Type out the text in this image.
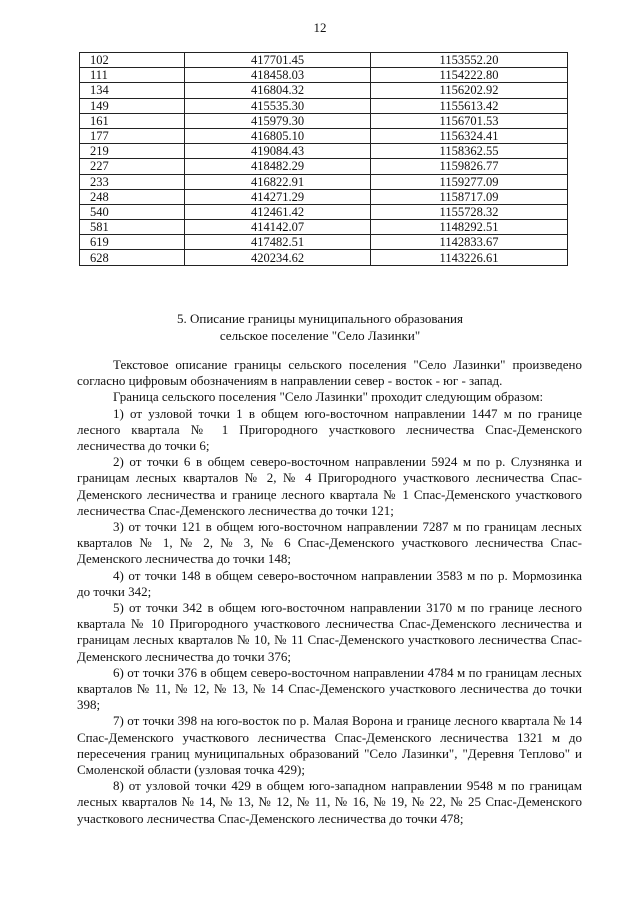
12
102	417701.45	1153552.20
111	418458.03	1154222.80
134	416804.32	1156202.92
149	415535.30	1155613.42
161	415979.30	1156701.53
177	416805.10	1156324.41
219	419084.43	1158362.55
227	418482.29	1159826.77
233	416822.91	1159277.09
248	414271.29	1158717.09
540	412461.42	1155728.32
581	414142.07	1148292.51
619	417482.51	1142833.67
628	420234.62	1143226.61
5. Описание границы муниципального образования
сельское поселение "Село Лазинки"

Текстовое описание границы сельского поселения "Село Лазинки" произведено согласно цифровым обозначениям в направлении север - восток - юг - запад.

Граница сельского поселения "Село Лазинки" проходит следующим образом:

1) от узловой точки 1 в общем юго-восточном направлении 1447 м по границе лесного квартала № 1 Пригородного участкового лесничества Спас-Деменского лесничества до точки 6;

2) от точки 6 в общем северо-восточном направлении 5924 м по р. Слузнянка и границам лесных кварталов № 2, № 4 Пригородного участкового лесничества Спас-Деменского лесничества и границе лесного квартала № 1 Спас-Деменского участкового лесничества Спас-Деменского лесничества до точки 121;

3) от точки 121 в общем юго-восточном направлении 7287 м по границам лесных кварталов № 1, № 2, № 3, № 6 Спас-Деменского участкового лесничества Спас-Деменского лесничества до точки 148;

4) от точки 148 в общем северо-восточном направлении 3583 м по р. Мормозинка до точки 342;

5) от точки 342 в общем юго-восточном направлении 3170 м по границе лесного квартала № 10 Пригородного участкового лесничества Спас-Деменского лесничества и границам лесных кварталов № 10, № 11 Спас-Деменского участкового лесничества Спас-Деменского лесничества до точки 376;

6) от точки 376 в общем северо-восточном направлении 4784 м по границам лесных кварталов № 11, № 12, № 13, № 14 Спас-Деменского участкового лесничества до точки 398;

7) от точки 398 на юго-восток по р. Малая Ворона и границе лесного квартала № 14 Спас-Деменского участкового лесничества Спас-Деменского лесничества 1321 м до пересечения границ муниципальных образований "Село Лазинки", "Деревня Теплово" и Смоленской области (узловая точка 429);

8) от узловой точки 429 в общем юго-западном направлении 9548 м по границам лесных кварталов № 14, № 13, № 12, № 11, № 16, № 19, № 22, № 25 Спас-Деменского участкового лесничества Спас-Деменского лесничества до точки 478;
